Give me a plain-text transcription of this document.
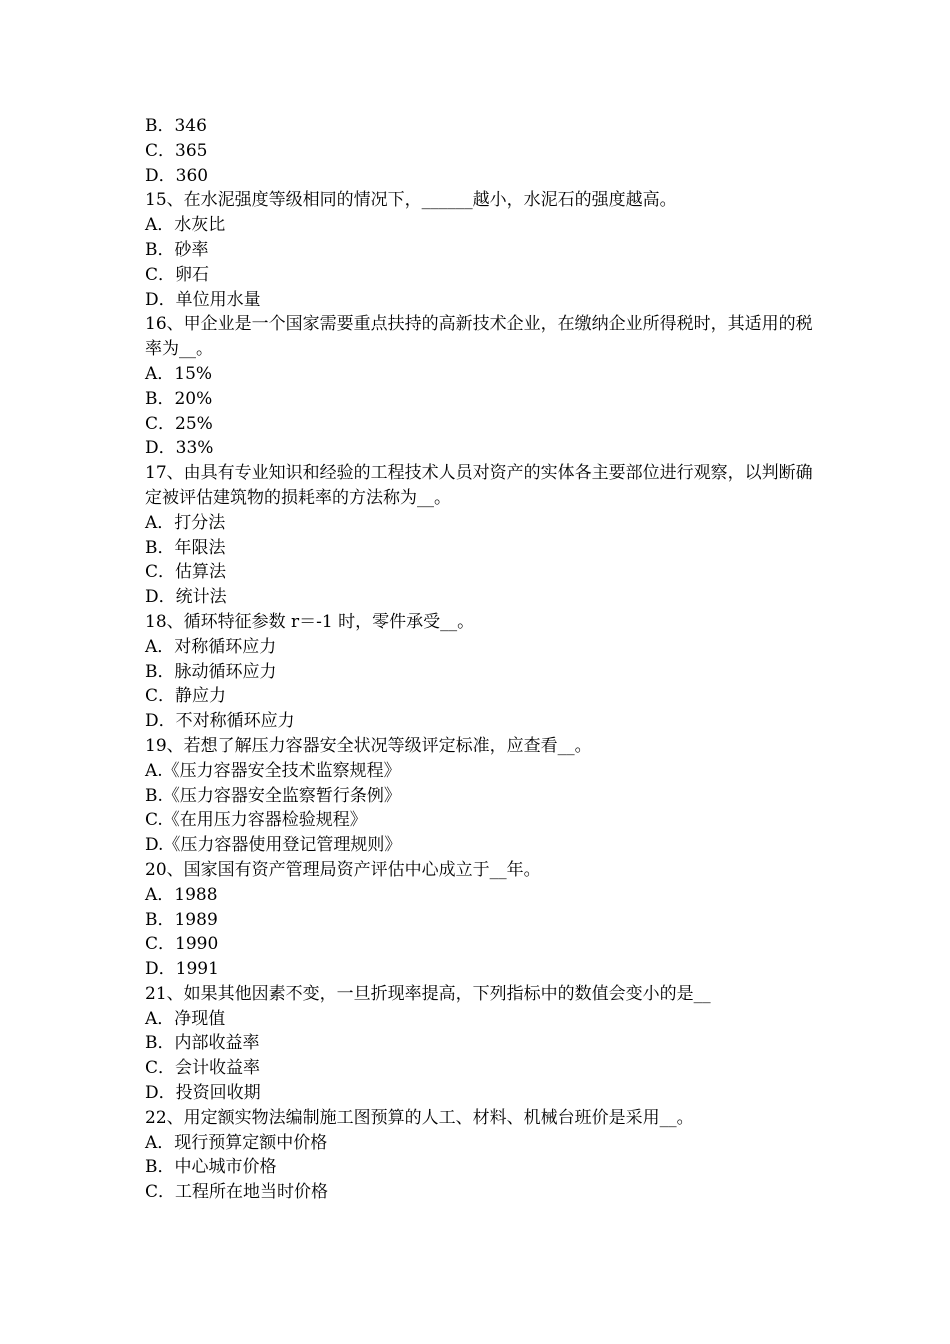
B．346
C．365
D．360
15、在水泥强度等级相同的情况下，______越小，水泥石的强度越高。
A．水灰比
B．砂率
C．卵石
D．单位用水量
16、甲企业是一个国家需要重点扶持的高新技术企业，在缴纳企业所得税时，其适用的税率为__。
A．15%
B．20%
C．25%
D．33%
17、由具有专业知识和经验的工程技术人员对资产的实体各主要部位进行观察，以判断确定被评估建筑物的损耗率的方法称为__。
A．打分法
B．年限法
C．估算法
D．统计法
18、循环特征参数 r＝-1 时，零件承受__。
A．对称循环应力
B．脉动循环应力
C．静应力
D．不对称循环应力
19、若想了解压力容器安全状况等级评定标准，应查看__。
A.《压力容器安全技术监察规程》
B.《压力容器安全监察暂行条例》
C.《在用压力容器检验规程》
D.《压力容器使用登记管理规则》
20、国家国有资产管理局资产评估中心成立于__年。
A．1988
B．1989
C．1990
D．1991
21、如果其他因素不变，一旦折现率提高，下列指标中的数值会变小的是__
A．净现值
B．内部收益率
C．会计收益率
D．投资回收期
22、用定额实物法编制施工图预算的人工、材料、机械台班价是采用__。
A．现行预算定额中价格
B．中心城市价格
C．工程所在地当时价格
